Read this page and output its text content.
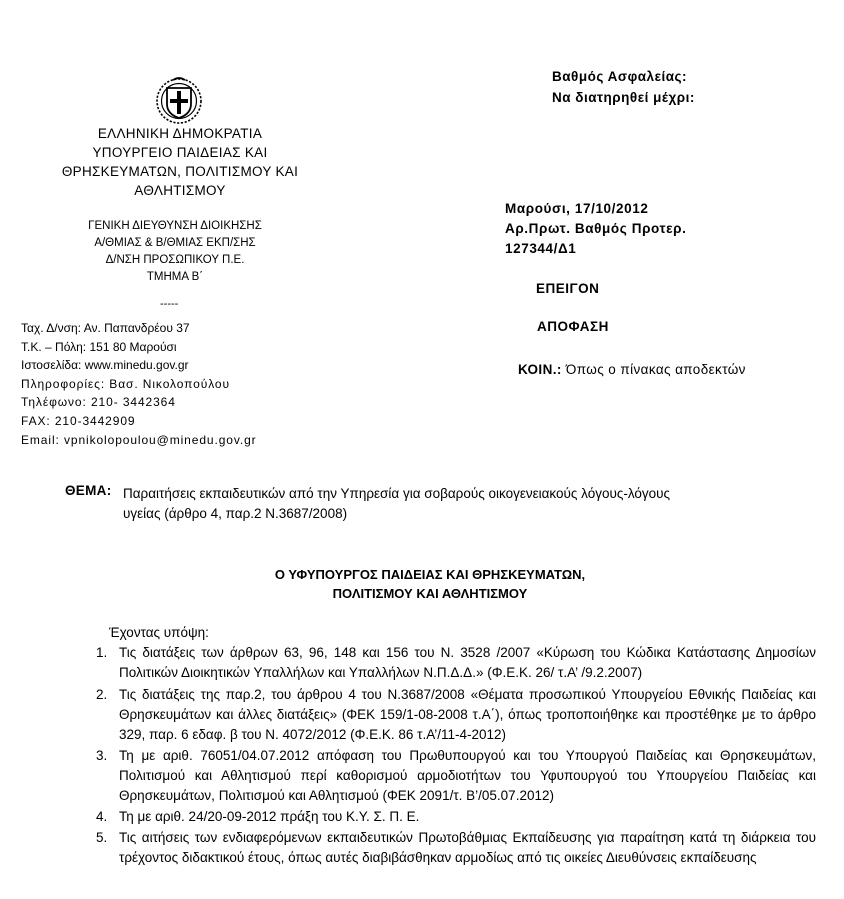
ΕΛΛΗΝΙΚΗ ΔΗΜΟΚΡΑΤΙΑ
ΥΠΟΥΡΓΕΙΟ ΠΑΙΔΕΙΑΣ ΚΑΙ
ΘΡΗΣΚΕΥΜΑΤΩΝ, ΠΟΛΙΤΙΣΜΟΥ ΚΑΙ
ΑΘΛΗΤΙΣΜΟΥ
ΓΕΝΙΚΗ ΔΙΕΥΘΥΝΣΗ ΔΙΟΙΚΗΣΗΣ
Α/ΘΜΙΑΣ & Β/ΘΜΙΑΣ ΕΚΠ/ΣΗΣ
Δ/ΝΣΗ ΠΡΟΣΩΠΙΚΟΥ Π.Ε.
ΤΜΗΜΑ Β΄
-----
Ταχ. Δ/νση: Αν. Παπανδρέου 37
Τ.Κ. – Πόλη: 151 80 Μαρούσι
Ιστοσελίδα: www.minedu.gov.gr
Πληροφορίες: Βασ. Νικολοπούλου
Τηλέφωνο: 210- 3442364
FAX: 210-3442909
Email: vpnikolopoulou@minedu.gov.gr
Βαθμός Ασφαλείας:
Να διατηρηθεί μέχρι:
Μαρούσι, 17/10/2012
Αρ.Πρωτ. Βαθμός Προτερ.
127344/Δ1
ΕΠΕΙΓΟΝ
ΑΠΟΦΑΣΗ
ΚΟΙΝ.: Όπως ο πίνακας αποδεκτών
ΘΕΜΑ: Παραιτήσεις εκπαιδευτικών από την Υπηρεσία για σοβαρούς οικογενειακούς λόγους-λόγους
υγείας (άρθρο 4, παρ.2 Ν.3687/2008)
Ο ΥΦΥΠΟΥΡΓΟΣ ΠΑΙΔΕΙΑΣ ΚΑΙ ΘΡΗΣΚΕΥΜΑΤΩΝ,
ΠΟΛΙΤΙΣΜΟΥ ΚΑΙ ΑΘΛΗΤΙΣΜΟΥ
Έχοντας υπόψη:
1. Τις διατάξεις των άρθρων 63, 96, 148 και 156 του Ν. 3528 /2007 «Κύρωση του Κώδικα Κατάστασης Δημοσίων Πολιτικών Διοικητικών Υπαλλήλων και Υπαλλήλων Ν.Π.Δ.Δ.» (Φ.Ε.Κ. 26/ τ.Α’ /9.2.2007)
2. Τις διατάξεις της παρ.2, του άρθρου 4 του Ν.3687/2008 «Θέματα προσωπικού Υπουργείου Εθνικής Παιδείας και Θρησκευμάτων και άλλες διατάξεις» (ΦΕΚ 159/1-08-2008 τ.Α΄), όπως τροποποιήθηκε και προστέθηκε με το άρθρο 329, παρ. 6 εδαφ. β του Ν. 4072/2012 (Φ.Ε.Κ. 86 τ.Α’/11-4-2012)
3. Τη με αριθ. 76051/04.07.2012 απόφαση του Πρωθυπουργού και του Υπουργού Παιδείας και Θρησκευμάτων, Πολιτισμού και Αθλητισμού περί καθορισμού αρμοδιοτήτων του Υφυπουργού του Υπουργείου Παιδείας και Θρησκευμάτων, Πολιτισμού και Αθλητισμού (ΦΕΚ 2091/τ. Β’/05.07.2012)
4. Τη με αριθ. 24/20-09-2012 πράξη του Κ.Υ. Σ. Π. Ε.
5. Τις αιτήσεις των ενδιαφερόμενων εκπαιδευτικών Πρωτοβάθμιας Εκπαίδευσης για παραίτηση κατά τη διάρκεια του τρέχοντος διδακτικού έτους, όπως αυτές διαβιβάσθηκαν αρμοδίως από τις οικείες Διευθύνσεις εκπαίδευσης
